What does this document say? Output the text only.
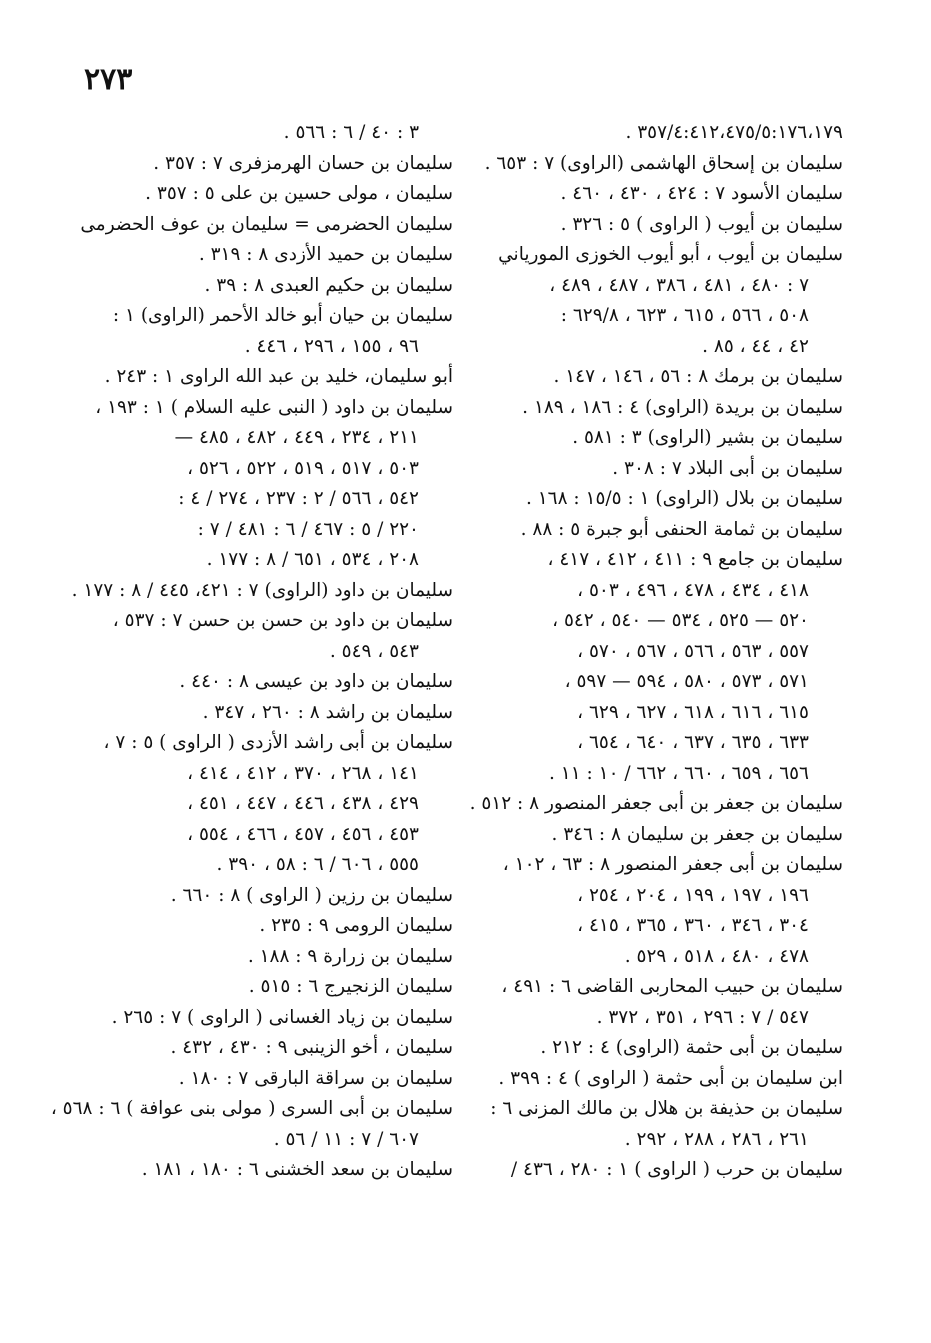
٢٧٣
٣٥٧/٤:٤١٢،٤٧٥/٥:١٧٦،١٧٩ .
سليمان بن إسحاق الهاشمى (الراوى) ٧ : ٦٥٣ .
سليمان الأسود ٧ : ٤٢٤ ، ٤٣٠ ، ٤٦٠ .
سليمان بن أيوب ( الراوى ) ٥ : ٣٢٦ .
سليمان بن أيوب ، أبو أيوب الخوزى المورياني
٧ : ٤٨٠ ، ٤٨١ ، ٣٨٦ ، ٤٨٧ ، ٤٨٩ ،
٥٠٨ ، ٥٦٦ ، ٦١٥ ، ٦٢٣ ، ٦٢٩/٨ :
٤٢ ، ٤٤ ، ٨٥ .
سليمان بن برمك ٨ : ٥٦ ، ١٤٦ ، ١٤٧ .
سليمان بن بريدة (الراوى) ٤ : ١٨٦ ، ١٨٩ .
سليمان بن بشير (الراوى) ٣ : ٥٨١ .
سليمان بن أبى البلاد ٧ : ٣٠٨ .
سليمان بن بلال (الراوى) ١ : ١٥/٥ : ١٦٨ .
سليمان بن ثمامة الحنفى أبو جبرة ٥ : ٨٨ .
سليمان بن جامع ٩ : ٤١١ ، ٤١٢ ، ٤١٧ ،
٤١٨ ، ٤٣٤ ، ٤٧٨ ، ٤٩٦ ، ٥٠٣ ،
٥٢٠ — ٥٢٥ ، ٥٣٤ — ٥٤٠ ، ٥٤٢ ،
٥٥٧ ، ٥٦٣ ، ٥٦٦ ، ٥٦٧ ، ٥٧٠ ،
٥٧١ ، ٥٧٣ ، ٥٨٠ ، ٥٩٤ — ٥٩٧ ،
٦١٥ ، ٦١٦ ، ٦١٨ ، ٦٢٧ ، ٦٢٩ ،
٦٣٣ ، ٦٣٥ ، ٦٣٧ ، ٦٤٠ ، ٦٥٤ ،
٦٥٦ ، ٦٥٩ ، ٦٦٠ ، ٦٦٢ / ١٠ : ١١ .
سليمان بن جعفر بن أبى جعفر المنصور ٨ : ٥١٢ .
سليمان بن جعفر بن سليمان ٨ : ٣٤٦ .
سليمان بن أبى جعفر المنصور ٨ : ٦٣ ، ١٠٢ ،
١٩٦ ، ١٩٧ ، ١٩٩ ، ٢٠٤ ، ٢٥٤ ،
٣٠٤ ، ٣٤٦ ، ٣٦٠ ، ٣٦٥ ، ٤١٥ ،
٤٧٨ ، ٤٨٠ ، ٥١٨ ، ٥٢٩ .
سليمان بن حبيب المحاربى القاضى ٦ : ٤٩١ ،
٥٤٧ / ٧ : ٢٩٦ ، ٣٥١ ، ٣٧٢ .
سليمان بن أبى حثمة (الراوى) ٤ : ٢١٢ .
ابن سليمان بن أبى حثمة ( الراوى ) ٤ : ٣٩٩ .
سليمان بن حذيفة بن هلال بن مالك المزنى ٦ :
٢٦١ ، ٢٨٦ ، ٢٨٨ ، ٢٩٢ .
سليمان بن حرب ( الراوى ) ١ : ٢٨٠ ، ٤٣٦ /
٣ : ٤٠ / ٦ : ٥٦٦ .
سليمان بن حسان الهرمزفرى ٧ : ٣٥٧ .
سليمان ، مولى حسين بن على ٥ : ٣٥٧ .
سليمان الحضرمى = سليمان بن عوف الحضرمى
سليمان بن حميد الأزدى ٨ : ٣١٩ .
سليمان بن حكيم العبدى ٨ : ٣٩ .
سليمان بن حيان أبو خالد الأحمر (الراوى) ١ :
٩٦ ، ١٥٥ ، ٢٩٦ ، ٤٤٦ .
أبو سليمان، خليد بن عبد الله الراوى ١ : ٢٤٣ .
سليمان بن داود ( النبى عليه السلام ) ١ : ١٩٣ ،
٢١١ ، ٢٣٤ ، ٤٤٩ ، ٤٨٢ ، ٤٨٥ —
٥٠٣ ، ٥١٧ ، ٥١٩ ، ٥٢٢ ، ٥٢٦ ،
٥٤٢ ، ٥٦٦ / ٢ : ٢٣٧ ، ٢٧٤ / ٤ :
٢٢٠ / ٥ : ٤٦٧ / ٦ : ٤٨١ / ٧ :
٢٠٨ ، ٥٣٤ ، ٦٥١ / ٨ : ١٧٧ .
سليمان بن داود (الراوى) ٧ : ٤٢١، ٤٤٥ / ٨ : ١٧٧ .
سليمان بن داود بن حسن بن حسن ٧ : ٥٣٧ ،
٥٤٣ ، ٥٤٩ .
سليمان بن داود بن عيسى ٨ : ٤٤٠ .
سليمان بن راشد ٨ : ٢٦٠ ، ٣٤٧ .
سليمان بن أبى راشد الأزدى ( الراوى ) ٥ : ٧ ،
١٤١ ، ٢٦٨ ، ٣٧٠ ، ٤١٢ ، ٤١٤ ،
٤٢٩ ، ٤٣٨ ، ٤٤٦ ، ٤٤٧ ، ٤٥١ ،
٤٥٣ ، ٤٥٦ ، ٤٥٧ ، ٤٦٦ ، ٥٥٤ ،
٥٥٥ ، ٦٠٦ / ٦ : ٥٨ ، ٣٩٠ .
سليمان بن رزين ( الراوى ) ٨ : ٦٦٠ .
سليمان الرومى ٩ : ٢٣٥ .
سليمان بن زرارة ٩ : ١٨٨ .
سليمان الزنجيرج ٦ : ٥١٥ .
سليمان بن زياد الغسانى ( الراوى ) ٧ : ٢٦٥ .
سليمان ، أخو الزينبى ٩ : ٤٣٠ ، ٤٣٢ .
سليمان بن سراقة البارقى ٧ : ١٨٠ .
سليمان بن أبى السرى ( مولى بنى عوافة ) ٦ : ٥٦٨ ،
٦٠٧ / ٧ : ١١ / ٥٦ .
سليمان بن سعد الخشنى ٦ : ١٨٠ ، ١٨١ .
